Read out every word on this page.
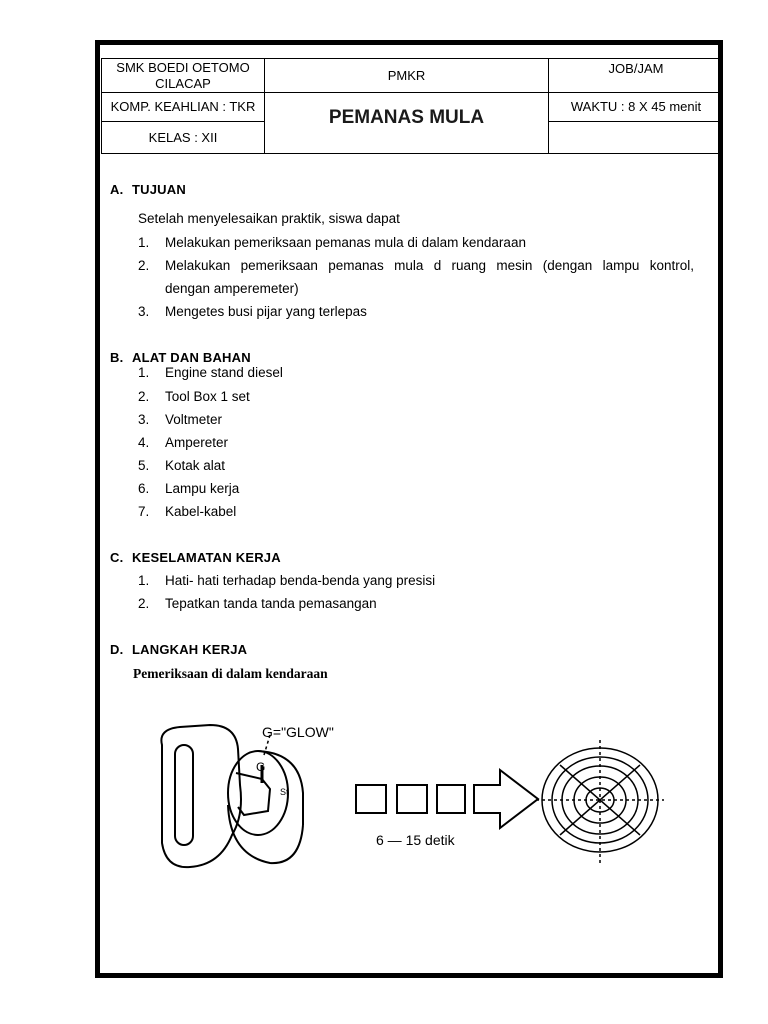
SMK BOEDI OETOMO
CILACAP
PMKR	JOB/JAM
KOMP. KEAHLIAN : TKR
PEMANAS MULA
WAKTU : 8 X 45 menit
KELAS : XII
A. TUJUAN
Setelah menyelesaikan praktik, siswa dapat
1. Melakukan pemeriksaan pemanas mula di dalam kendaraan
2. Melakukan pemeriksaan pemanas mula d ruang mesin (dengan lampu kontrol,
dengan amperemeter)
3. Mengetes busi pijar yang terlepas
B. ALAT DAN BAHAN
1. Engine stand diesel
2. Tool Box 1 set
3. Voltmeter
4. Ampereter
5. Kotak alat
6. Lampu kerja
7. Kabel-kabel
C. KESELAMATAN KERJA
1. Hati- hati terhadap benda-benda yang presisi
2. Tepatkan tanda tanda pemasangan
D. LANGKAH KERJA
Pemeriksaan di dalam kendaraan
G="GLOW"
G
St
6 — 15 detik
